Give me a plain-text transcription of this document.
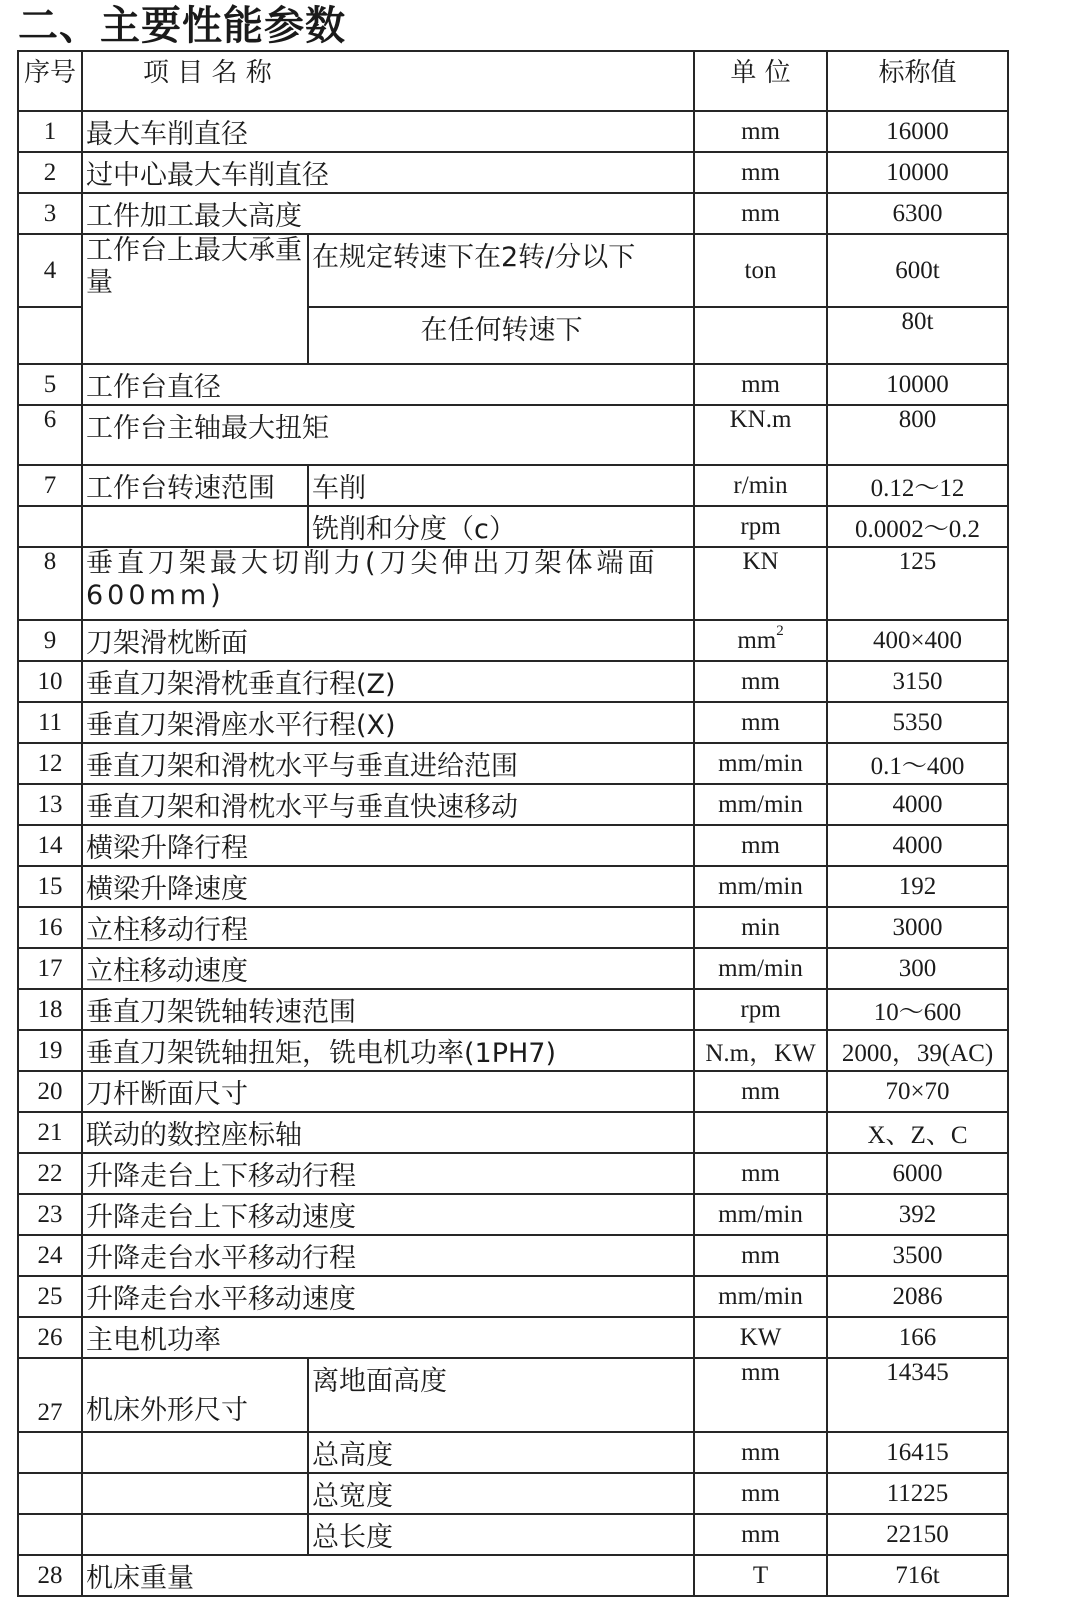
二、主要性能参数
序号	项 目 名 称		单 位	标称值
1	最大车削直径		mm	16000
2	过中心最大车削直径		mm	10000
3	工件加工最大高度		mm	6300
4	工作台上最大承重量	在规定转速下在2转/分以下	ton	600t
		在任何转速下		80t
5	工作台直径		mm	10000
6	工作台主轴最大扭矩		KN.m	800
7	工作台转速范围	车削	r/min	0.12～12
		铣削和分度（c）	rpm	0.0002～0.2
8	垂直刀架最大切削力(刀尖伸出刀架体端面600mm)		KN	125
9	刀架滑枕断面		$mm^2$	400×400
10	垂直刀架滑枕垂直行程(Z)		mm	3150
11	垂直刀架滑座水平行程(X)		mm	5350
12	垂直刀架和滑枕水平与垂直进给范围		mm/min	0.1～400
13	垂直刀架和滑枕水平与垂直快速移动		mm/min	4000
14	横梁升降行程		mm	4000
15	横梁升降速度		mm/min	192
16	立柱移动行程		min	3000
17	立柱移动速度		mm/min	300
18	垂直刀架铣轴转速范围		rpm	10～600
19	垂直刀架铣轴扭矩，铣电机功率(1PH7)		N.m，KW	2000，39(AC)
20	刀杆断面尺寸		mm	70×70
21	联动的数控座标轴			X、Z、C
22	升降走台上下移动行程		mm	6000
23	升降走台上下移动速度		mm/min	392
24	升降走台水平移动行程		mm	3500
25	升降走台水平移动速度		mm/min	2086
26	主电机功率		KW	166
27	机床外形尺寸	离地面高度	mm	14345
		总高度	mm	16415
		总宽度	mm	11225
		总长度	mm	22150
28	机床重量		T	716t
